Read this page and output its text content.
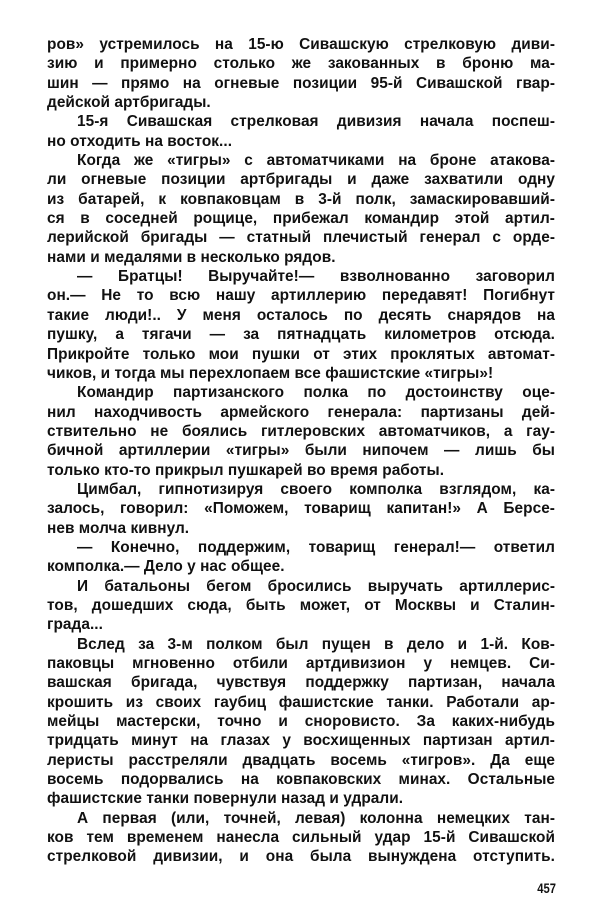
ров» устремилось на 15-ю Сивашскую стрелковую диви-
зию и примерно столько же закованных в броню ма-
шин — прямо на огневые позиции 95-й Сивашской гвар-
дейской артбригады.
15-я Сивашская стрелковая дивизия начала поспеш-
но отходить на восток...
Когда же «тигры» с автоматчиками на броне атакова-
ли огневые позиции артбригады и даже захватили одну
из батарей, к ковпаковцам в 3-й полк, замаскировавший-
ся в соседней рощице, прибежал командир этой артил-
лерийской бригады — статный плечистый генерал с орде-
нами и медалями в несколько рядов.
— Братцы! Выручайте!— взволнованно заговорил
он.— Не то всю нашу артиллерию передавят! Погибнут
такие люди!.. У меня осталось по десять снарядов на
пушку, а тягачи — за пятнадцать километров отсюда.
Прикройте только мои пушки от этих проклятых автомат-
чиков, и тогда мы перехлопаем все фашистские «тигры»!
Командир партизанского полка по достоинству оце-
нил находчивость армейского генерала: партизаны дей-
ствительно не боялись гитлеровских автоматчиков, а гау-
бичной артиллерии «тигры» были нипочем — лишь бы
только кто-то прикрыл пушкарей во время работы.
Цимбал, гипнотизируя своего комполка взглядом, ка-
залось, говорил: «Поможем, товарищ капитан!» А Берсе-
нев молча кивнул.
— Конечно, поддержим, товарищ генерал!— ответил
комполка.— Дело у нас общее.
И батальоны бегом бросились выручать артиллерис-
тов, дошедших сюда, быть может, от Москвы и Сталин-
града...
Вслед за 3-м полком был пущен в дело и 1-й. Ков-
паковцы мгновенно отбили артдивизион у немцев. Си-
вашская бригада, чувствуя поддержку партизан, начала
крошить из своих гаубиц фашистские танки. Работали ар-
мейцы мастерски, точно и сноровисто. За каких-нибудь
тридцать минут на глазах у восхищенных партизан артил-
леристы расстреляли двадцать восемь «тигров». Да еще
восемь подорвались на ковпаковских минах. Остальные
фашистские танки повернули назад и удрали.
А первая (или, точней, левая) колонна немецких тан-
ков тем временем нанесла сильный удар 15-й Сивашской
стрелковой дивизии, и она была вынуждена отступить.
457
